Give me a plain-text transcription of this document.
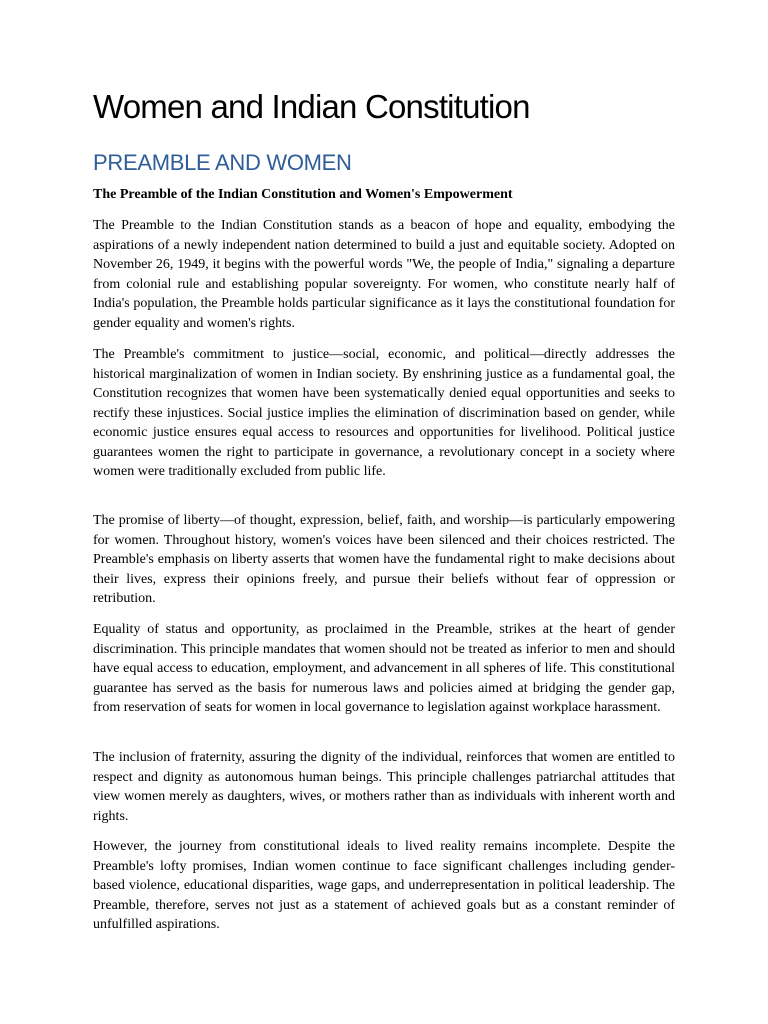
Women and Indian Constitution
PREAMBLE AND WOMEN

The Preamble of the Indian Constitution and Women's Empowerment

The Preamble to the Indian Constitution stands as a beacon of hope and equality, embodying the aspirations of a newly independent nation determined to build a just and equitable society. Adopted on November 26, 1949, it begins with the powerful words "We, the people of India," signaling a departure from colonial rule and establishing popular sovereignty. For women, who constitute nearly half of India's population, the Preamble holds particular significance as it lays the constitutional foundation for gender equality and women's rights.

The Preamble's commitment to justice—social, economic, and political—directly addresses the historical marginalization of women in Indian society. By enshrining justice as a fundamental goal, the Constitution recognizes that women have been systematically denied equal opportunities and seeks to rectify these injustices. Social justice implies the elimination of discrimination based on gender, while economic justice ensures equal access to resources and opportunities for livelihood. Political justice guarantees women the right to participate in governance, a revolutionary concept in a society where women were traditionally excluded from public life.

The promise of liberty—of thought, expression, belief, faith, and worship—is particularly empowering for women. Throughout history, women's voices have been silenced and their choices restricted. The Preamble's emphasis on liberty asserts that women have the fundamental right to make decisions about their lives, express their opinions freely, and pursue their beliefs without fear of oppression or retribution.

Equality of status and opportunity, as proclaimed in the Preamble, strikes at the heart of gender discrimination. This principle mandates that women should not be treated as inferior to men and should have equal access to education, employment, and advancement in all spheres of life. This constitutional guarantee has served as the basis for numerous laws and policies aimed at bridging the gender gap, from reservation of seats for women in local governance to legislation against workplace harassment.

The inclusion of fraternity, assuring the dignity of the individual, reinforces that women are entitled to respect and dignity as autonomous human beings. This principle challenges patriarchal attitudes that view women merely as daughters, wives, or mothers rather than as individuals with inherent worth and rights.

However, the journey from constitutional ideals to lived reality remains incomplete. Despite the Preamble's lofty promises, Indian women continue to face significant challenges including gender-based violence, educational disparities, wage gaps, and underrepresentation in political leadership. The Preamble, therefore, serves not just as a statement of achieved goals but as a constant reminder of unfulfilled aspirations.
